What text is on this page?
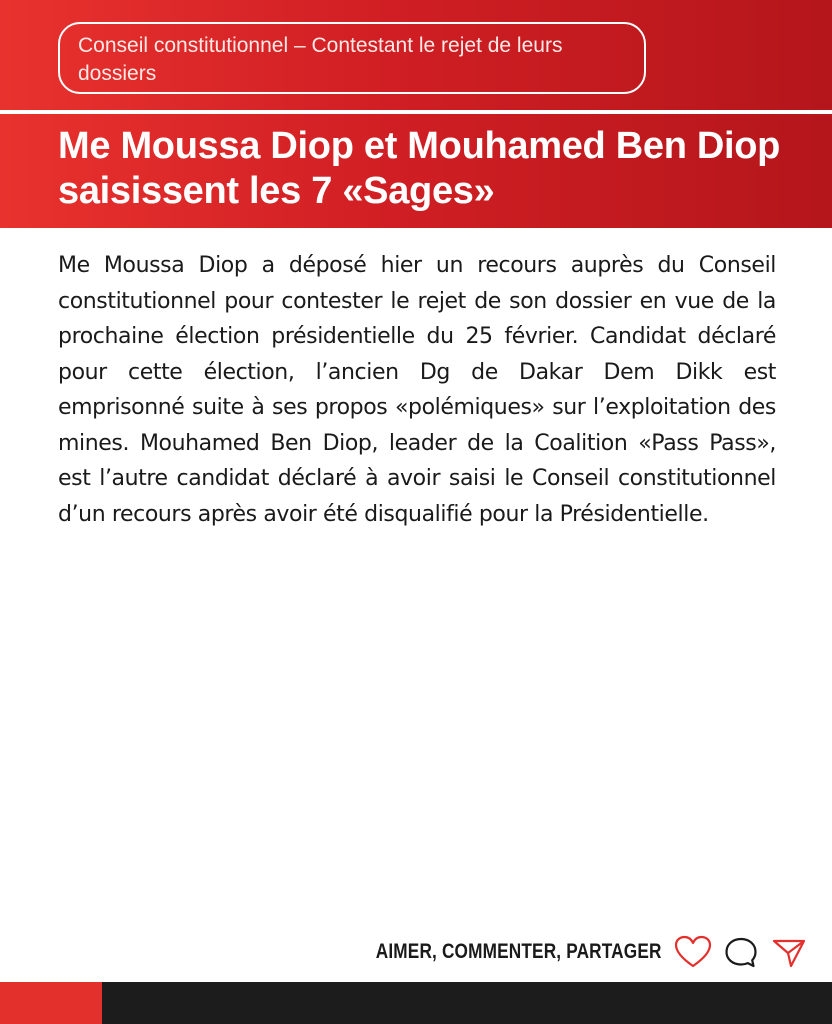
Conseil constitutionnel – Contestant le rejet de leurs dossiers
Me Moussa Diop et Mouhamed Ben Diop saisissent les 7 «Sages»

Me Moussa Diop a déposé hier un recours auprès du Conseil constitutionnel pour contester le rejet de son dossier en vue de la prochaine élection présidentielle du 25 février. Candidat déclaré pour cette élection, l’ancien Dg de Dakar Dem Dikk est emprisonné suite à ses propos «polémiques» sur l’exploitation des mines. Mouhamed Ben Diop, leader de la Coalition «Pass Pass», est l’autre candidat déclaré à avoir saisi le Conseil constitutionnel d’un recours après avoir été disqualifié pour la Présidentielle.

AIMER, COMMENTER, PARTAGER
